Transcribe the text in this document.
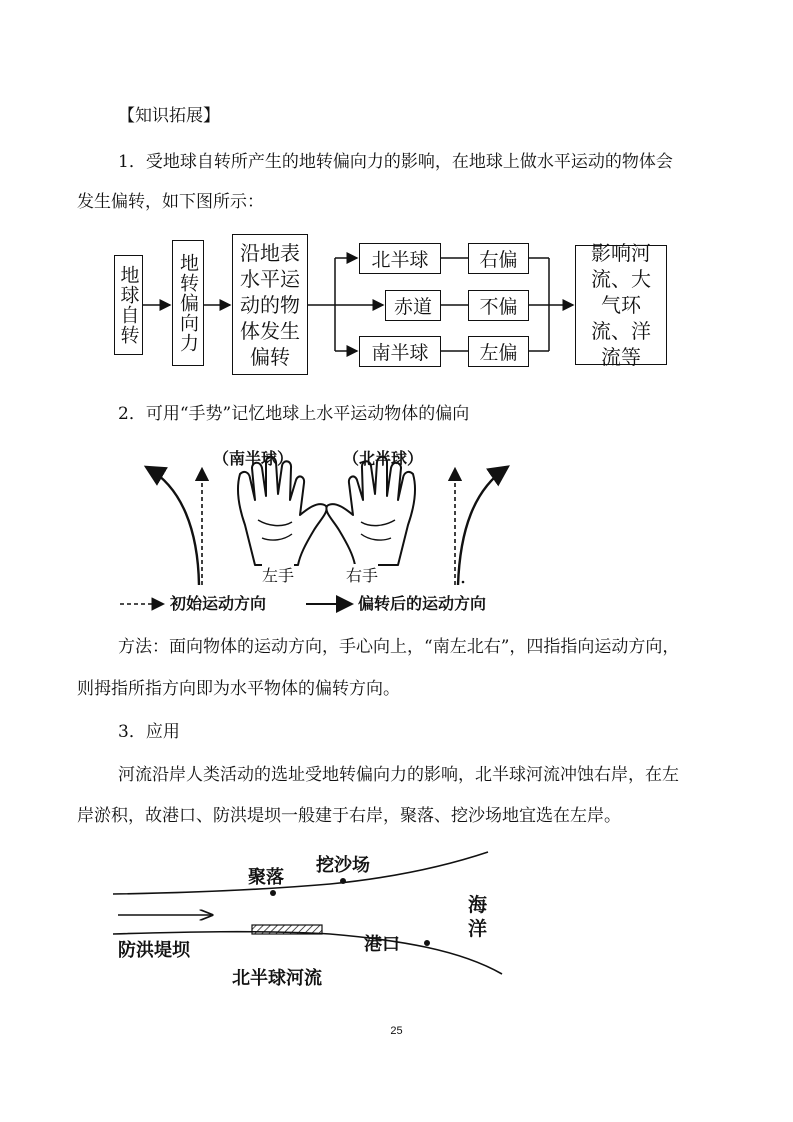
【知识拓展】
1．受地球自转所产生的地转偏向力的影响，在地球上做水平运动的物体会
发生偏转，如下图所示：
地球自转 地转偏向力
沿地表水平运动的物体发生偏转
北半球
赤道
南半球
右偏
不偏
左偏
影响河流、大气环流、洋流等
2．可用“手势”记忆地球上水平运动物体的偏向
（南半球）	（北半球）
左手	右手
初始运动方向	偏转后的运动方向
方法：面向物体的运动方向，手心向上，“南左北右”，四指指向运动方向，
则拇指所指方向即为水平物体的偏转方向。
3．应用
河流沿岸人类活动的选址受地转偏向力的影响，北半球河流冲蚀右岸，在左
岸淤积，故港口、防洪堤坝一般建于右岸，聚落、挖沙场地宜选在左岸。
聚落
挖沙场
海洋
防洪堤坝	港口
北半球河流
25
